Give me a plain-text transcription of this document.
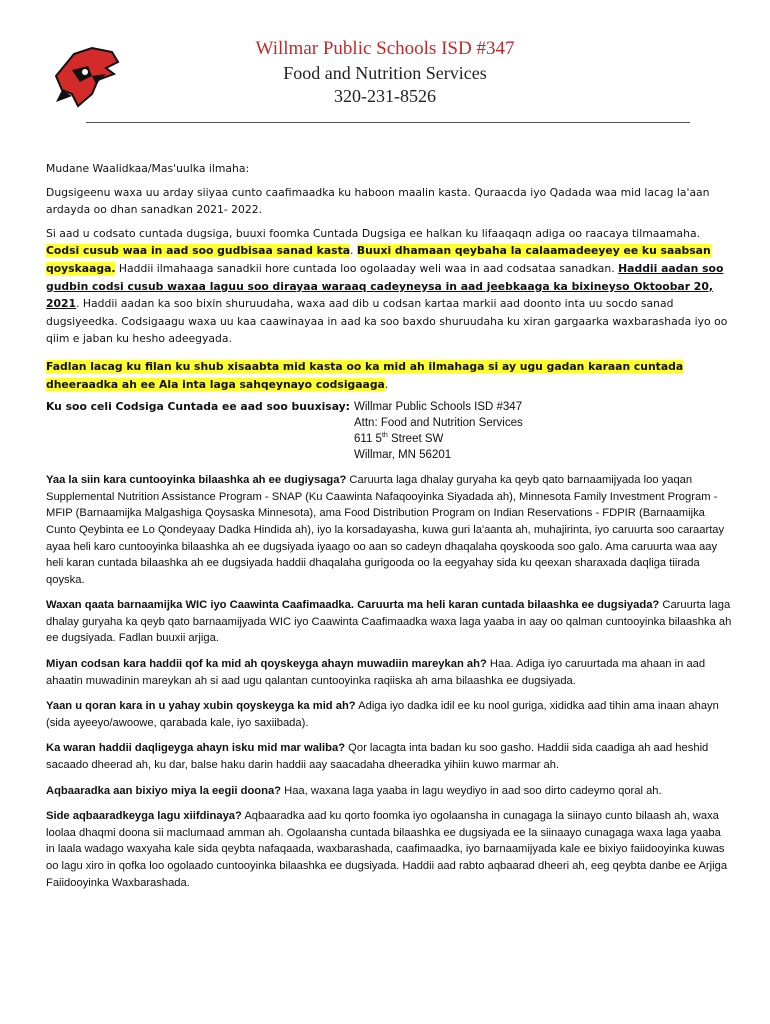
Willmar Public Schools ISD #347
Food and Nutrition Services
320-231-8526

Mudane Waalidkaa/Mas'uulka ilmaha:

Dugsigeenu waxa uu arday siiyaa cunto caafimaadka ku haboon maalin kasta. Quraacda iyo Qadada waa mid lacag la'aan ardayda oo dhan sanadkan 2021- 2022.

Si aad u codsato cuntada dugsiga, buuxi foomka Cuntada Dugsiga ee halkan ku lifaaqaqn adiga oo raacaya tilmaamaha. Codsi cusub waa in aad soo gudbisaa sanad kasta. Buuxi dhamaan qeybaha la calaamadeeyey ee ku saabsan qoyskaaga. Haddii ilmahaaga sanadkii hore cuntada loo ogolaaday weli waa in aad codsataa sanadkan. Haddii aadan soo gudbin codsi cusub waxaa laguu soo dirayaa waraaq cadeyneysa in aad jeebkaaga ka bixineyso Oktoobar 20, 2021. Haddii aadan ka soo bixin shuruudaha, waxa aad dib u codsan kartaa markii aad doonto inta uu socdo sanad dugsiyeedka. Codsigaagu waxa uu kaa caawinayaa in aad ka soo baxdo shuruudaha ku xiran gargaarka waxbarashada iyo oo qiim e jaban ku hesho adeegyada.

Fadlan lacag ku filan ku shub xisaabta mid kasta oo ka mid ah ilmahaga si ay ugu gadan karaan cuntada dheeraadka ah ee Ala inta laga sahqeynayo codsigaaga.

Ku soo celi Codsiga Cuntada ee aad soo buuxisay: Willmar Public Schools ISD #347
Attn: Food and Nutrition Services
611 5th Street SW
Willmar, MN 56201

Yaa la siin kara cuntooyinka bilaashka ah ee dugiysaga? Caruurta laga dhalay guryaha ka qeyb qato barnaamijyada loo yaqan Supplemental Nutrition Assistance Program - SNAP (Ku Caawinta Nafaqooyinka Siyadada ah), Minnesota Family Investment Program - MFIP (Barnaamijka Malgashiga Qoysaska Minnesota), ama Food Distribution Program on Indian Reservations - FDPIR (Barnaamijka Cunto Qeybinta ee Lo Qondeyaay Dadka Hindida ah), iyo la korsadayasha, kuwa guri la'aanta ah, muhajirinta, iyo caruurta soo caraartay ayaa heli karo cuntooyinka bilaashka ah ee dugsiyada iyaago oo aan so cadeyn dhaqalaha qoyskooda soo galo. Ama caruurta waa aay heli karan cuntada bilaashka ah ee dugsiyada haddii dhaqalaha gurigooda oo la eegyahay sida ku qeexan sharaxada daqliga tiirada qoyska.

Waxan qaata barnaamijka WIC iyo Caawinta Caafimaadka. Caruurta ma heli karan cuntada bilaashka ee dugsiyada? Caruurta laga dhalay guryaha ka qeyb qato barnaamijyada WIC iyo Caawinta Caafimaadka waxa laga yaaba in aay oo qalman cuntooyinka bilaashka ah ee dugsiyada. Fadlan buuxii arjiga.

Miyan codsan kara haddii qof ka mid ah qoyskeyga ahayn muwadiin mareykan ah? Haa. Adiga iyo caruurtada ma ahaan in aad ahaatin muwadinin mareykan ah si aad ugu qalantan cuntooyinka raqiiska ah ama bilaashka ee dugsiyada.

Yaan u qoran kara in u yahay xubin qoyskeyga ka mid ah? Adiga iyo dadka idil ee ku nool guriga, xididka aad tihin ama inaan ahayn (sida ayeeyo/awoowe, qarabada kale, iyo saxiibada).

Ka waran haddii daqligeyga ahayn isku mid mar waliba? Qor lacagta inta badan ku soo gasho. Haddii sida caadiga ah aad heshid sacaado dheerad ah, ku dar, balse haku darin haddii aay saacadaha dheeradka yihiin kuwo marmar ah.

Aqbaaradka aan bixiyo miya la eegii doona? Haa, waxana laga yaaba in lagu weydiyo in aad soo dirto cadeymo qoral ah.

Side aqbaaradkeyga lagu xiifdinaya? Aqbaaradka aad ku qorto foomka iyo ogolaansha in cunagaga la siinayo cunto bilaash ah, waxa loolaa dhaqmi doona sii maclumaad amman ah. Ogolaansha cuntada bilaashka ee dugsiyada ee la siinaayo cunagaga waxa laga yaaba in laala wadago waxyaha kale sida qeybta nafaqaada, waxbarashada, caafimaadka, iyo barnaamijyada kale ee bixiyo faiidooyinka kuwas oo lagu xiro in qofka loo ogolaado cuntooyinka bilaashka ee dugsiyada. Haddii aad rabto aqbaarad dheeri ah, eeg qeybta danbe ee Arjiga Faiidooyinka Waxbarashada.
